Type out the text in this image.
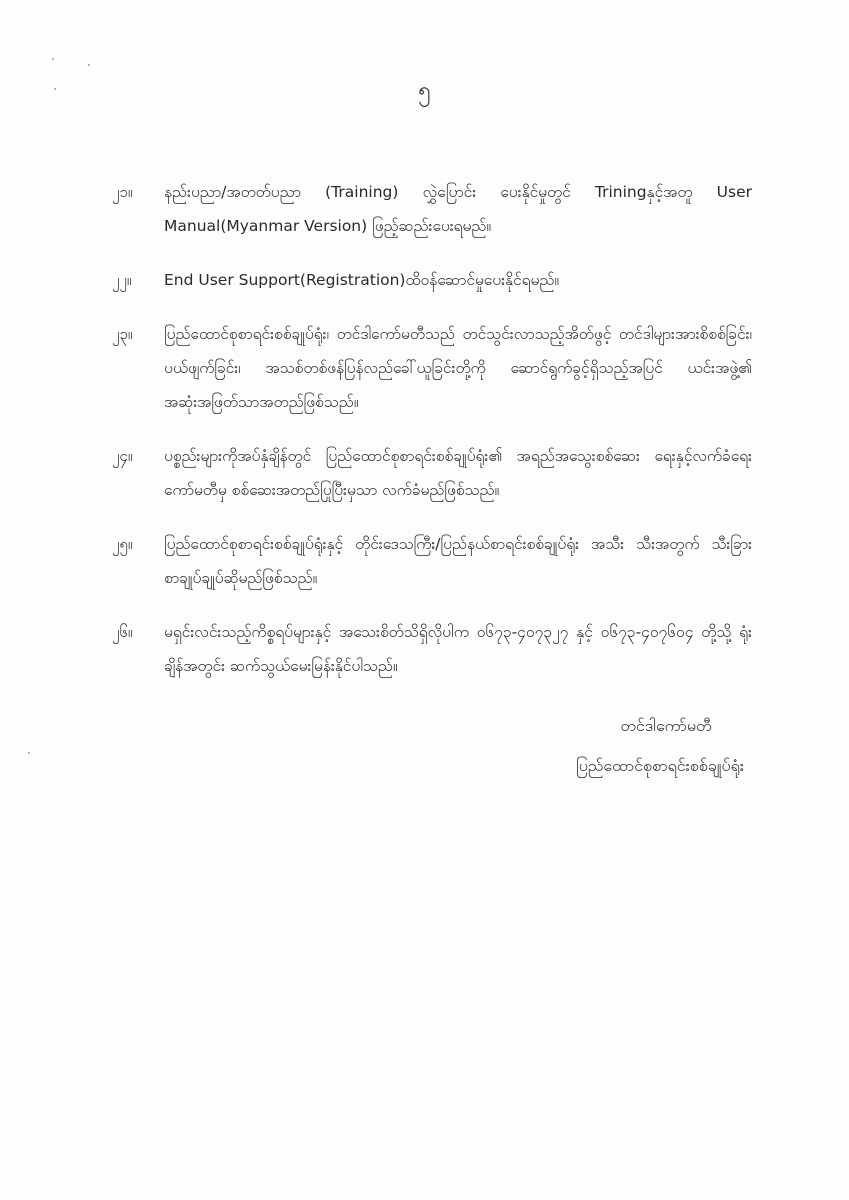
၅
၂၁။	နည်းပညာ/အတတ်ပညာ (Training) လွှဲပြောင်း ပေးနိုင်မှုတွင် Triningနှင့်အတူ User Manual(Myanmar Version) ဖြည့်ဆည်းပေးရမည်။
၂၂။	End User Support(Registration)ထိဝန်ဆောင်မှုပေးနိုင်ရမည်။
၂၃။	ပြည်ထောင်စုစာရင်းစစ်ချုပ်ရုံး၊ တင်ဒါကော်မတီသည် တင်သွင်းလာသည့်အိတ်ဖွင့် တင်ဒါများအားစိစစ်ခြင်း၊ ပယ်ဖျက်ခြင်း၊ အသစ်တစ်ဖန်ပြန်လည်ခေါ်ယူခြင်းတို့ကို ဆောင်ရွက်ခွင့်ရှိသည့်အပြင် ယင်းအဖွဲ့၏ အဆုံးအဖြတ်သာအတည်ဖြစ်သည်။
၂၄။	ပစ္စည်းများကိုအပ်နှံချိန်တွင် ပြည်ထောင်စုစာရင်းစစ်ချုပ်ရုံး၏ အရည်အသွေးစစ်ဆေး ရေးနှင့်လက်ခံရေးကော်မတီမှ စစ်ဆေးအတည်ပြုပြီးမှသာ လက်ခံမည်ဖြစ်သည်။
၂၅။	ပြည်ထောင်စုစာရင်းစစ်ချုပ်ရုံးနှင့် တိုင်းဒေသကြီး/ပြည်နယ်စာရင်းစစ်ချုပ်ရုံး အသီး သီးအတွက် သီးခြားစာချုပ်ချုပ်ဆိုမည်ဖြစ်သည်။
၂၆။	မရှင်းလင်းသည့်ကိစ္စရပ်များနှင့် အသေးစိတ်သိရှိလိုပါက ၀၆၇၃-၄၀၇၃၂၇ နှင့် ၀၆၇၃-၄၀၇၆၀၄ တို့သို့ ရုံးချိန်အတွင်း ဆက်သွယ်မေးမြန်းနိုင်ပါသည်။
တင်ဒါကော်မတီ
ပြည်ထောင်စုစာရင်းစစ်ချုပ်ရုံး
